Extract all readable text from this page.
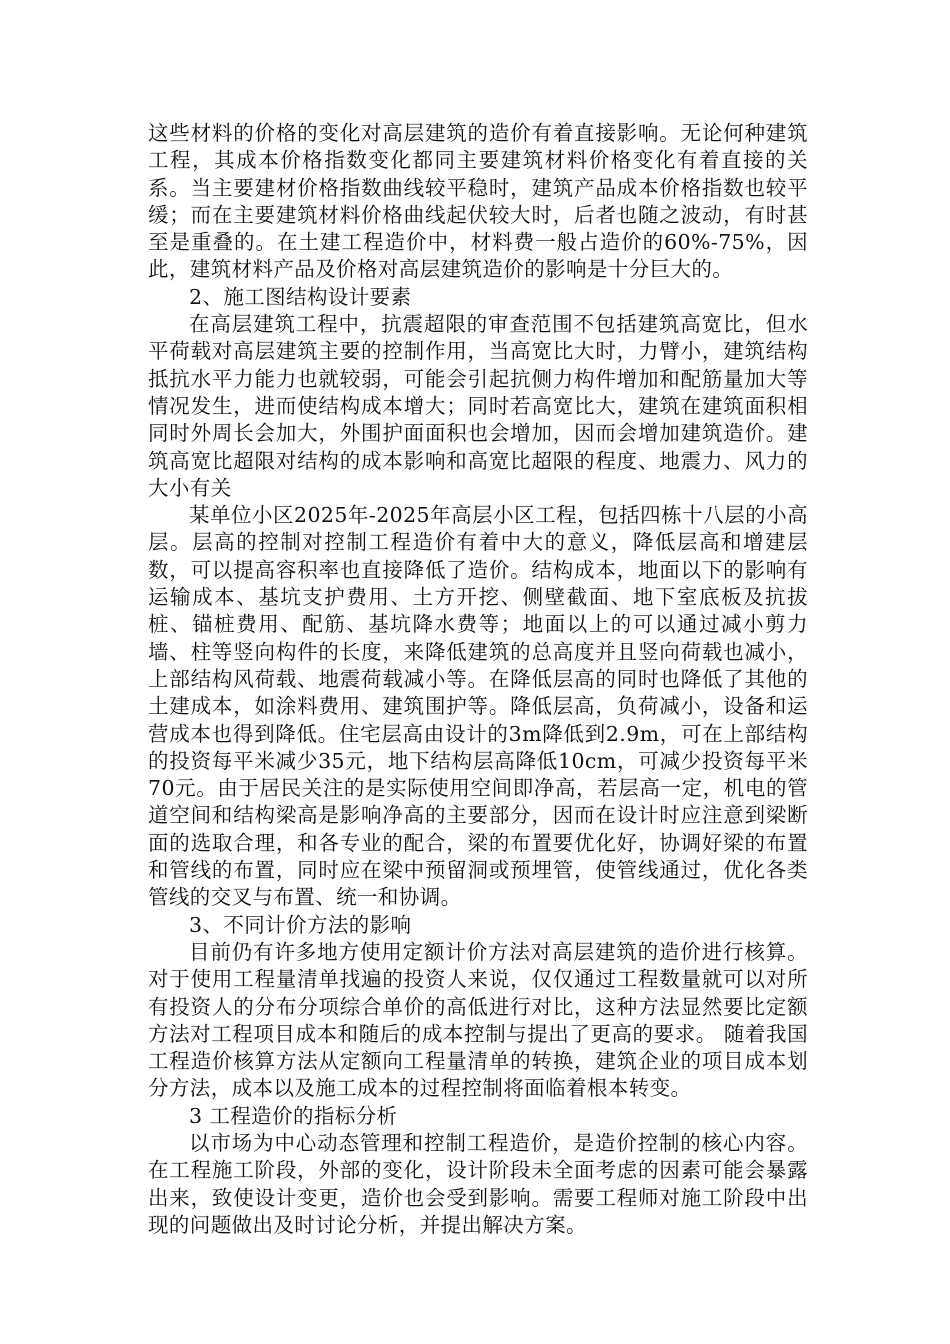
这些材料的价格的变化对高层建筑的造价有着直接影响。无论何种建筑工程，其成本价格指数变化都同主要建筑材料价格变化有着直接的关系。当主要建材价格指数曲线较平稳时，建筑产品成本价格指数也较平缓；而在主要建筑材料价格曲线起伏较大时，后者也随之波动，有时甚至是重叠的。在土建工程造价中，材料费一般占造价的60%-75%，因此，建筑材料产品及价格对高层建筑造价的影响是十分巨大的。

2、施工图结构设计要素

在高层建筑工程中，抗震超限的审查范围不包括建筑高宽比，但水平荷载对高层建筑主要的控制作用，当高宽比大时，力臂小，建筑结构抵抗水平力能力也就较弱，可能会引起抗侧力构件增加和配筋量加大等情况发生，进而使结构成本增大；同时若高宽比大，建筑在建筑面积相同时外周长会加大，外围护面面积也会增加，因而会增加建筑造价。建筑高宽比超限对结构的成本影响和高宽比超限的程度、地震力、风力的大小有关

某单位小区2025年-2025年高层小区工程，包括四栋十八层的小高层。层高的控制对控制工程造价有着中大的意义，降低层高和增建层数，可以提高容积率也直接降低了造价。结构成本，地面以下的影响有运输成本、基坑支护费用、土方开挖、侧壁截面、地下室底板及抗拔桩、锚桩费用、配筋、基坑降水费等；地面以上的可以通过减小剪力墙、柱等竖向构件的长度，来降低建筑的总高度并且竖向荷载也减小，上部结构风荷载、地震荷载减小等。在降低层高的同时也降低了其他的土建成本，如涂料费用、建筑围护等。降低层高，负荷减小，设备和运营成本也得到降低。住宅层高由设计的3m降低到2.9m，可在上部结构的投资每平米减少35元，地下结构层高降低10cm，可减少投资每平米70元。由于居民关注的是实际使用空间即净高，若层高一定，机电的管道空间和结构梁高是影响净高的主要部分，因而在设计时应注意到梁断面的选取合理，和各专业的配合，梁的布置要优化好，协调好梁的布置和管线的布置，同时应在梁中预留洞或预埋管，使管线通过，优化各类管线的交叉与布置、统一和协调。

3、不同计价方法的影响

目前仍有许多地方使用定额计价方法对高层建筑的造价进行核算。对于使用工程量清单找遍的投资人来说，仅仅通过工程数量就可以对所有投资人的分布分项综合单价的高低进行对比，这种方法显然要比定额方法对工程项目成本和随后的成本控制与提出了更高的要求。 随着我国工程造价核算方法从定额向工程量清单的转换，建筑企业的项目成本划分方法，成本以及施工成本的过程控制将面临着根本转变。

3 工程造价的指标分析

以市场为中心动态管理和控制工程造价，是造价控制的核心内容。在工程施工阶段，外部的变化，设计阶段未全面考虑的因素可能会暴露出来，致使设计变更，造价也会受到影响。需要工程师对施工阶段中出现的问题做出及时讨论分析，并提出解决方案。
